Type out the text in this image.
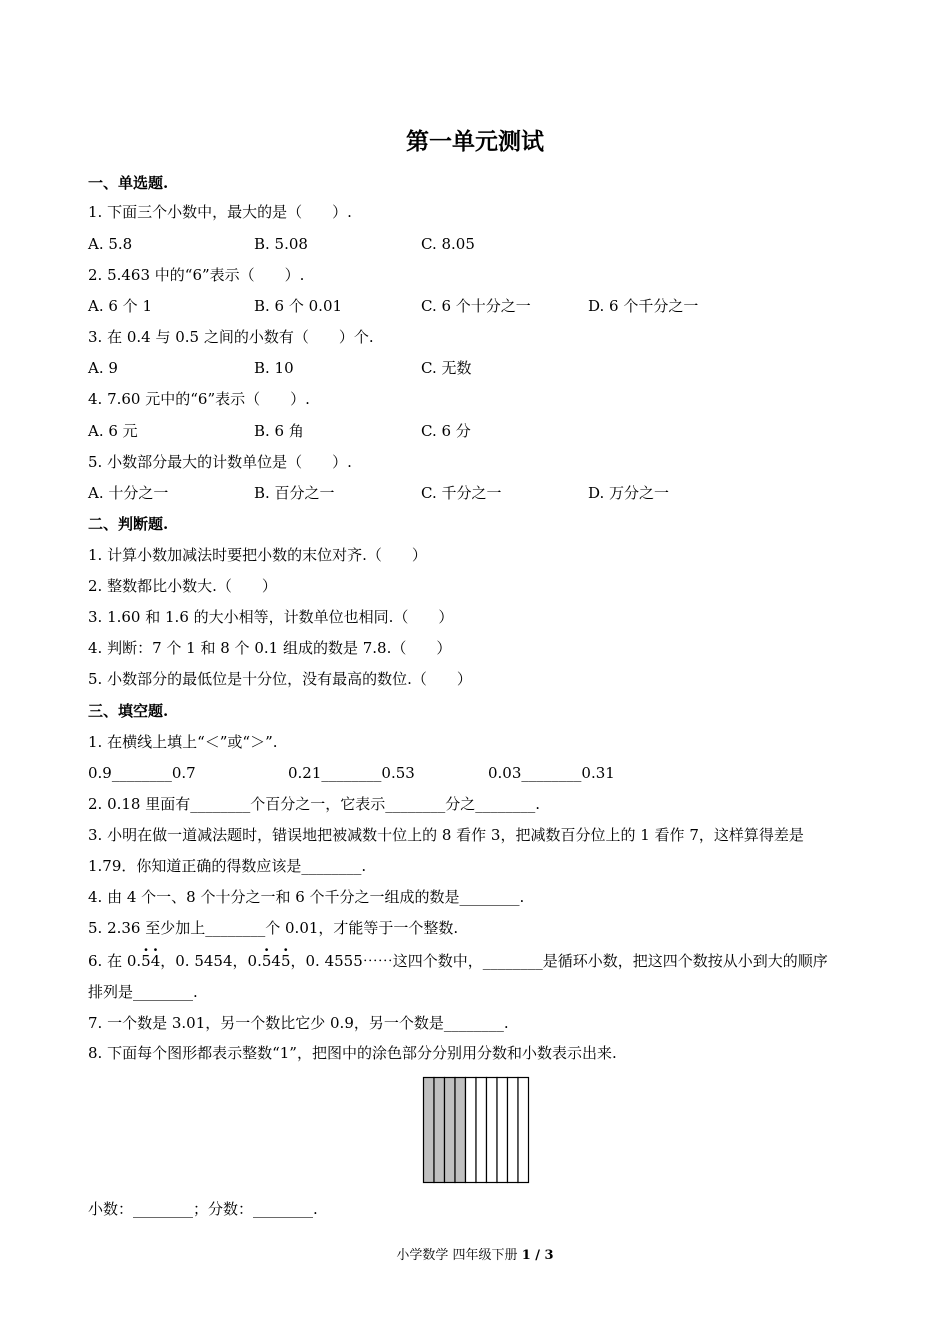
第一单元测试
一、单选题.
1. 下面三个小数中，最大的是（　　）.
A. 5.8	B. 5.08	C. 8.05
2. 5.463 中的“6”表示（　　）.
A. 6 个 1	B. 6 个 0.01	C. 6 个十分之一	D. 6 个千分之一
3. 在 0.4 与 0.5 之间的小数有（　　）个.
A. 9	B. 10	C. 无数
4. 7.60 元中的“6”表示（　　）.
A. 6 元	B. 6 角	C. 6 分
5. 小数部分最大的计数单位是（　　）.
A. 十分之一	B. 百分之一	C. 千分之一	D. 万分之一
二、判断题.
1. 计算小数加减法时要把小数的末位对齐.（　　）
2. 整数都比小数大.（　　）
3. 1.60 和 1.6 的大小相等，计数单位也相同.（　　）
4. 判断：7 个 1 和 8 个 0.1 组成的数是 7.8.（　　）
5. 小数部分的最低位是十分位，没有最高的数位.（　　）
三、填空题.
1. 在横线上填上“＜”或“＞”.
0.9________0.7	0.21________0.53	0.03________0.31
2. 0.18 里面有________个百分之一，它表示________分之________.
3. 小明在做一道减法题时，错误地把被减数十位上的 8 看作 3，把减数百分位上的 1 看作 7，这样算得差是
1.79．你知道正确的得数应该是________.
4. 由 4 个一、8 个十分之一和 6 个千分之一组成的数是________.
5. 2.36 至少加上________个 0.01，才能等于一个整数.
6. 在 0.· 5· 4，0. 5454，0.· 54· 5，0. 4555⋯⋯这四个数中，________是循环小数，把这四个数按从小到大的顺序
排列是________.
7. 一个数是 3.01，另一个数比它少 0.9，另一个数是________.
8. 下面每个图形都表示整数“1”，把图中的涂色部分分别用分数和小数表示出来.
小数：________；分数：________.
小学数学 四年级下册 1 / 3
